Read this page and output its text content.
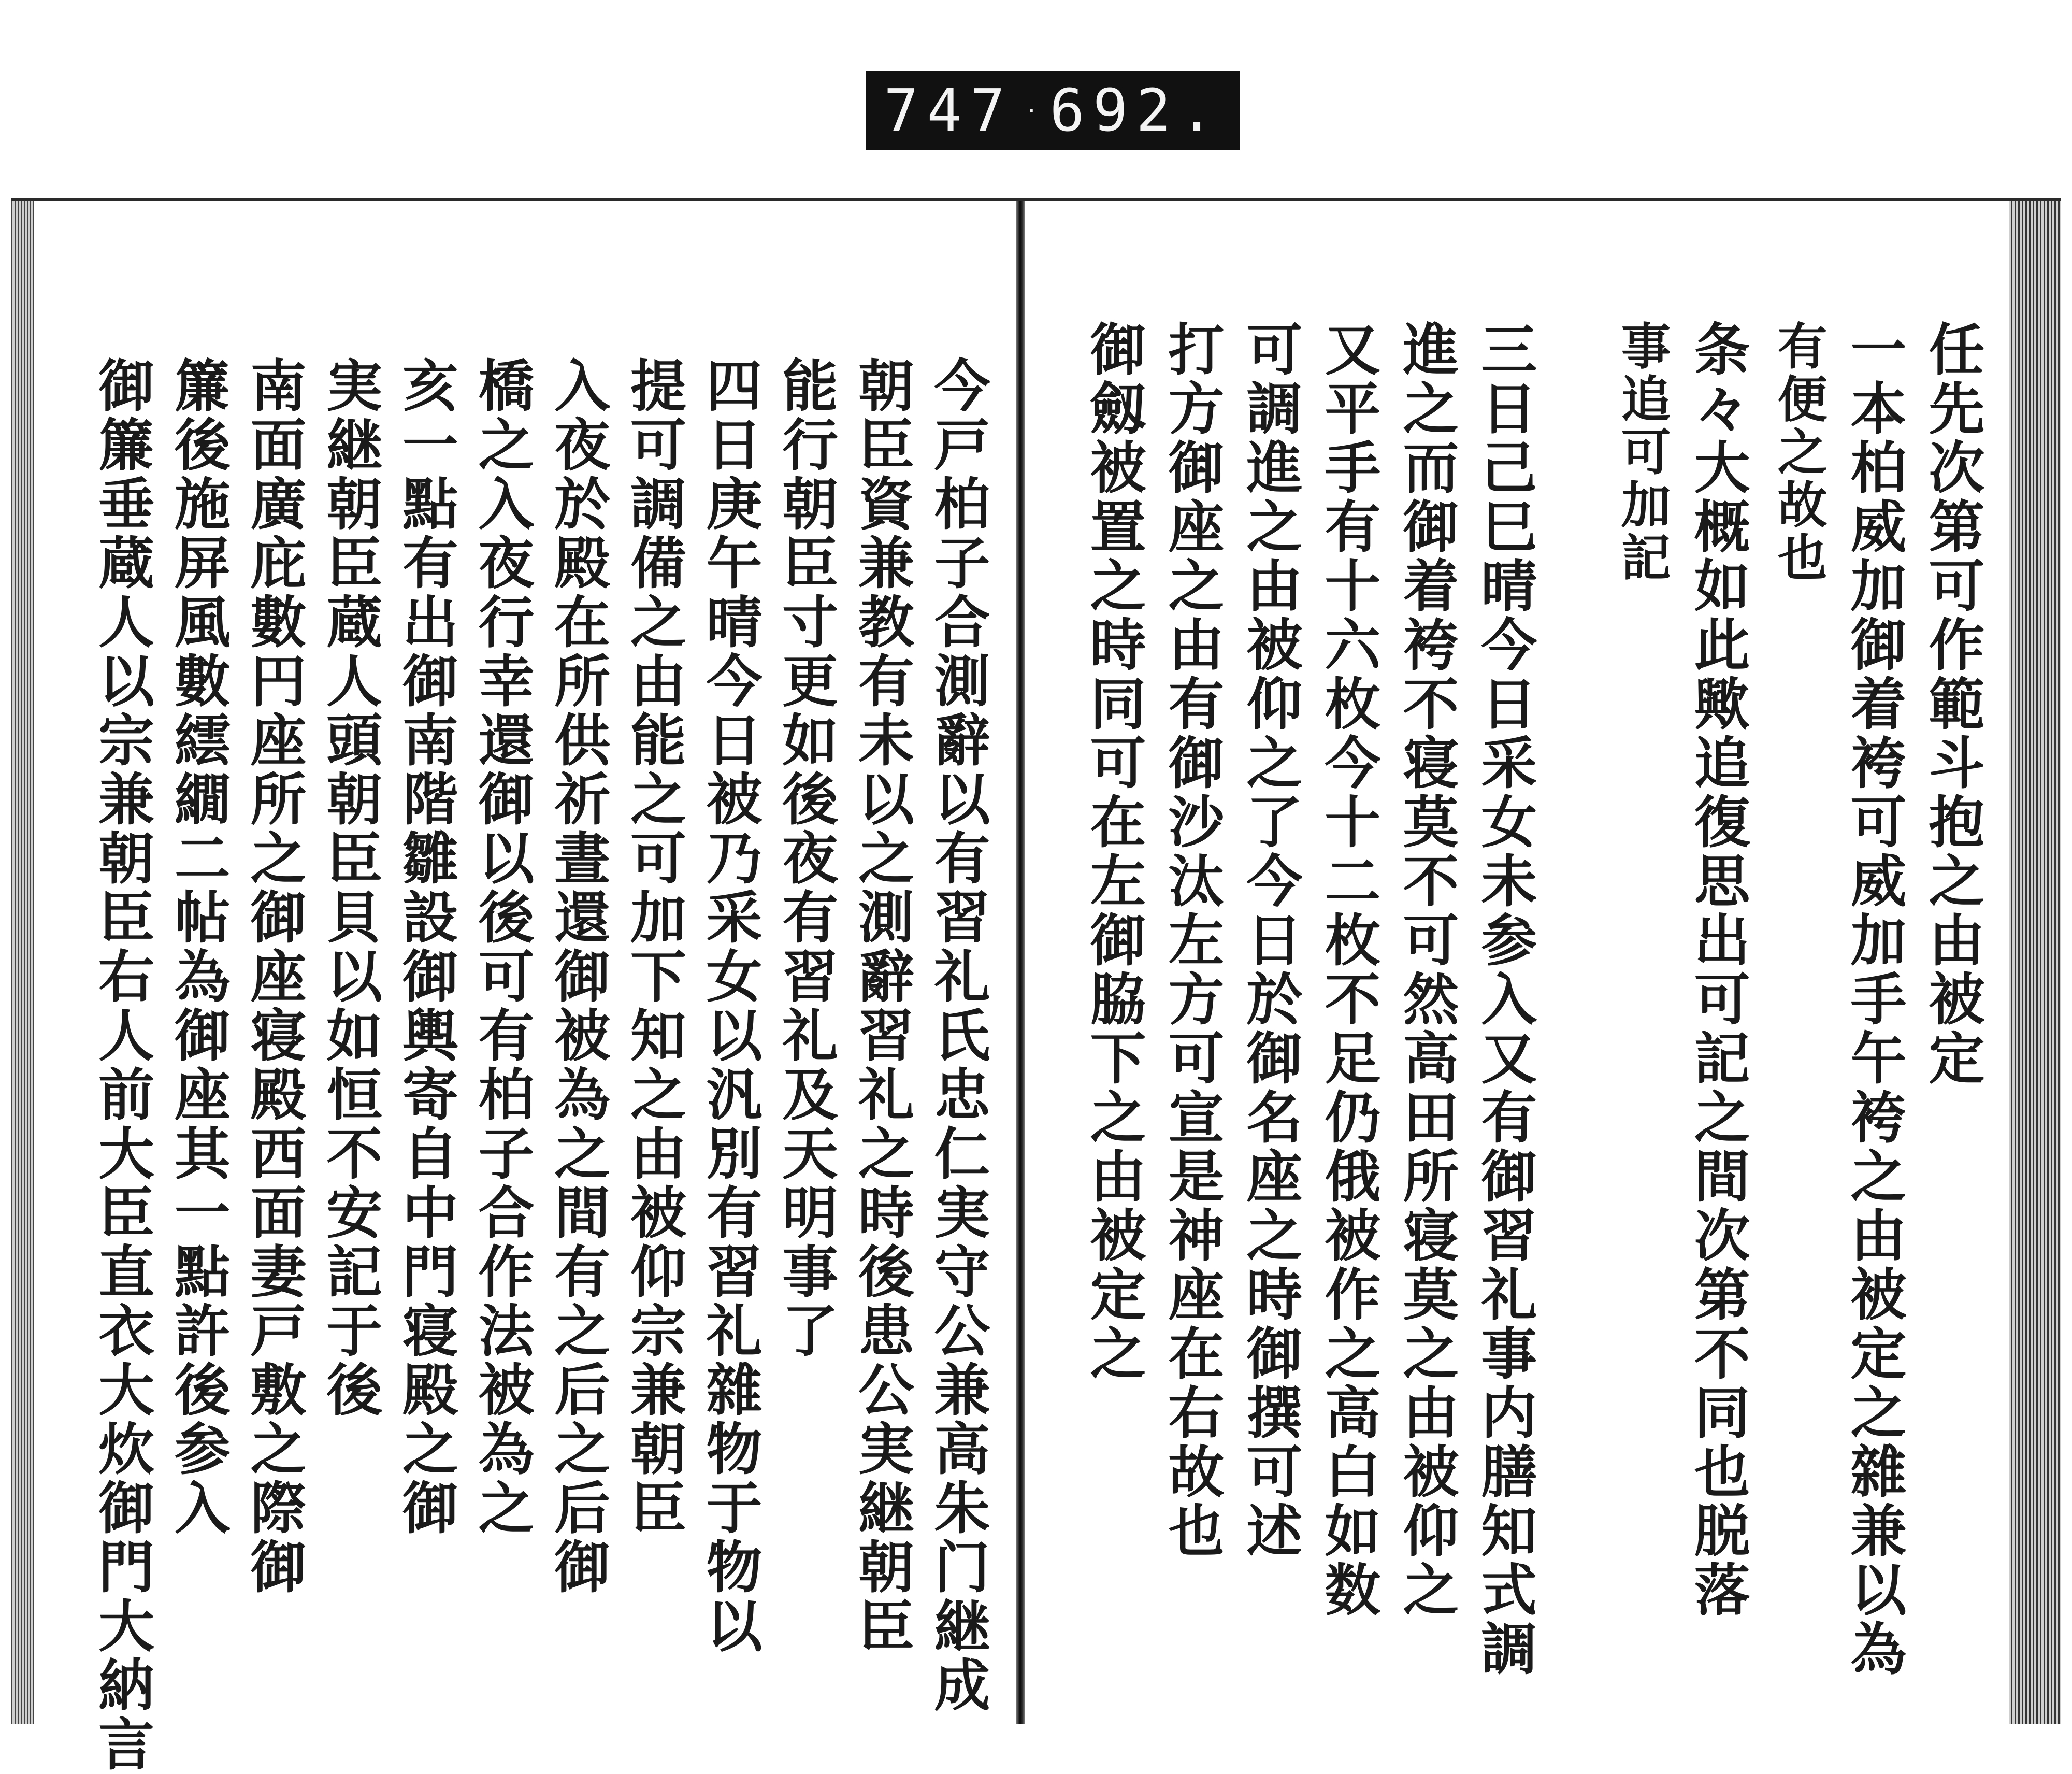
747 · 692.
任先次第可作範斗抱之由被定
一本柏威加御着袴可威加手午袴之由被定之雜兼以為
有便之故也
条々大概如此歟追復思出可記之間次第不同也脱落
事追可加記
三日己巳晴今日采女未参入又有御習礼事内膳知式調
進之而御着袴不寝莫不可然高田所寝莫之由被仰之
又平手有十六枚今十二枚不足仍俄被作之高白如数
可調進之由被仰之了今日於御名座之時御撰可述
打方御座之由有御沙汰左方可宣是神座在右故也
御劔被置之時同可在左御脇下之由被定之
今戸柏子合測辭以有習礼氏忠仁実守公兼高朱门継成
朝臣資兼教有未以之測辭習礼之時後患公実継朝臣
能行朝臣寸更如後夜有習礼及天明事了
四日庚午晴今日被乃采女以汎別有習礼雜物于物以
提可調備之由能之可加下知之由被仰宗兼朝臣
入夜於殿在所供祈晝還御被為之間有之后之后御
橋之入夜行幸還御以後可有柏子合作法被為之
亥一點有出御南階雛設御輿寄自中門寝殿之御
実継朝臣蔵人頭朝臣貝以如恒不安記于後
南面廣庇數円座所之御座寝殿西面妻戸敷之際御
簾後施屏風數繧繝二帖為御座其一點許後参入
御簾垂蔵人以宗兼朝臣右人前大臣直衣大炊御門大納言
